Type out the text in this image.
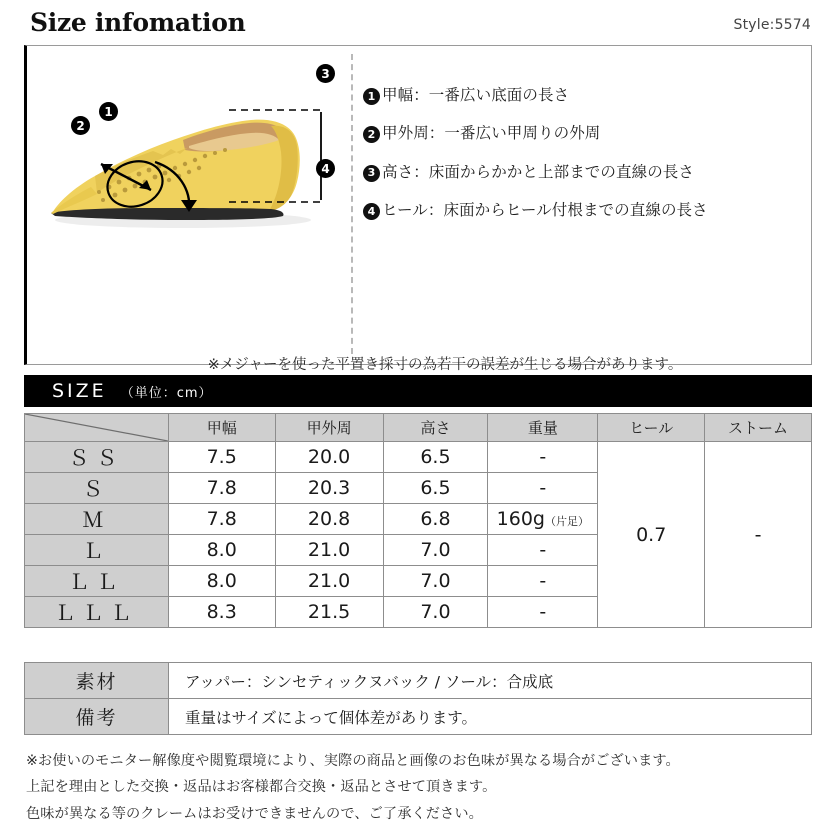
Size infomation	Style:5574
1
2
3
4
1 甲幅：一番広い底面の長さ
2 甲外周：一番広い甲周りの外周
3 高さ：床面からかかと上部までの直線の長さ
4 ヒール：床面からヒール付根までの直線の長さ
※メジャーを使った平置き採寸の為若干の誤差が生じる場合があります。
SIZE （単位：cm）
	甲幅	甲外周	高さ	重量	ヒール	ストーム
ＳＳ	7.5	20.0	6.5	-	0.7	-
Ｓ	7.8	20.3	6.5	-		
Ｍ	7.8	20.8	6.8	160g（片足）		
Ｌ	8.0	21.0	7.0	-		
ＬＬ	8.0	21.0	7.0	-		
ＬＬＬ	8.3	21.5	7.0	-		
素材	アッパー：シンセティックヌバック / ソール：合成底
備考	重量はサイズによって個体差があります。
※お使いのモニター解像度や閲覧環境により、実際の商品と画像のお色味が異なる場合がございます。
上記を理由とした交換・返品はお客様都合交換・返品とさせて頂きます。
色味が異なる等のクレームはお受けできませんので、ご了承ください。
